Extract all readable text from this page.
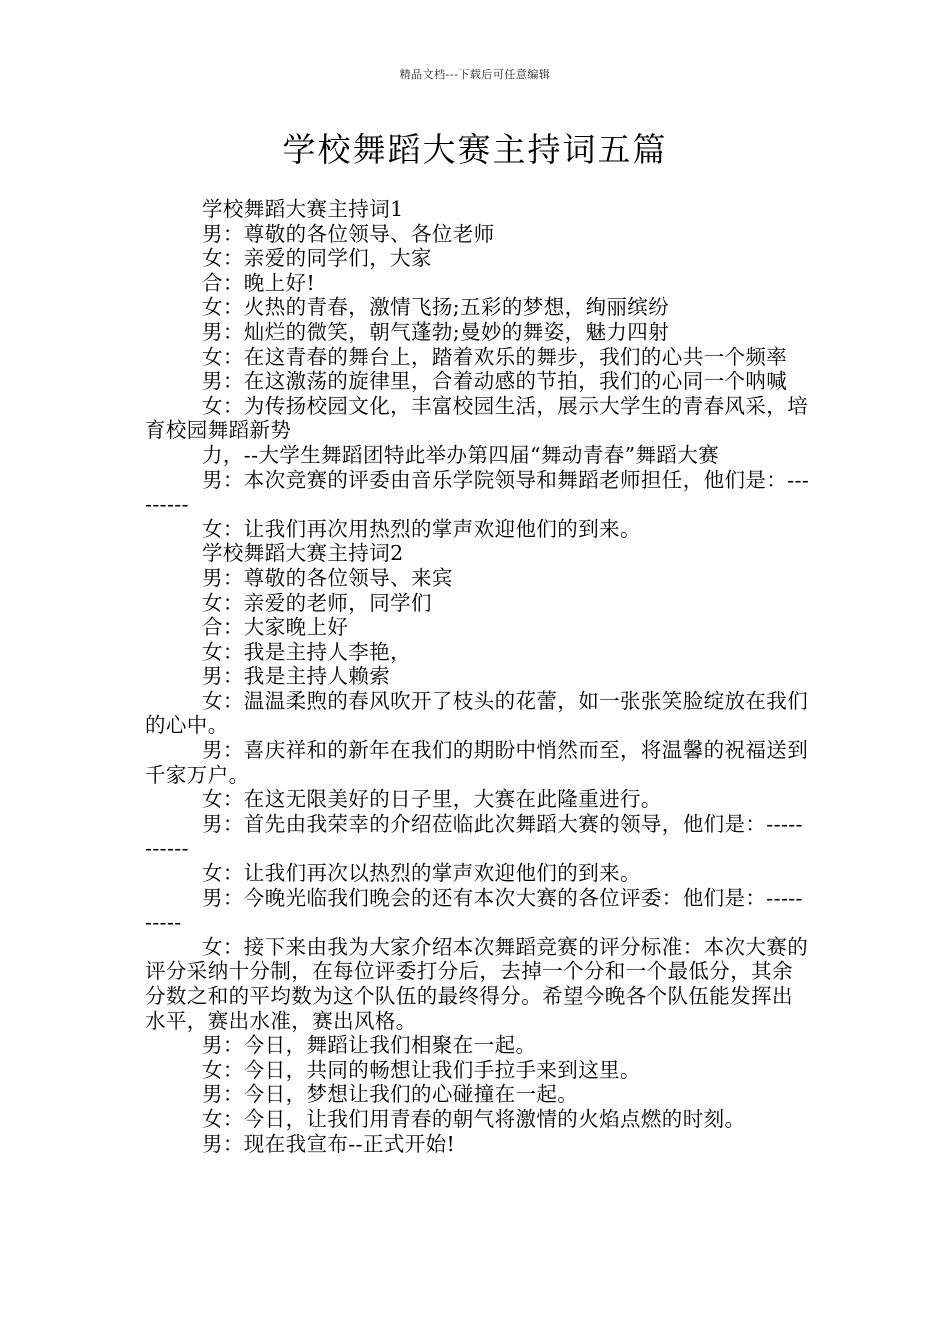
精品文档---下载后可任意编辑
学校舞蹈大赛主持词五篇

学校舞蹈大赛主持词1

男：尊敬的各位领导、各位老师

女：亲爱的同学们，大家

合：晚上好!

女：火热的青春，激情飞扬;五彩的梦想，绚丽缤纷

男：灿烂的微笑，朝气蓬勃;曼妙的舞姿，魅力四射

女：在这青春的舞台上，踏着欢乐的舞步，我们的心共一个频率

男：在这激荡的旋律里，合着动感的节拍，我们的心同一个呐喊

女：为传扬校园文化，丰富校园生活，展示大学生的青春风采，培育校园舞蹈新势

力，--大学生舞蹈团特此举办第四届“舞动青春”舞蹈大赛

男：本次竞赛的评委由音乐学院领导和舞蹈老师担任，他们是：---------

女：让我们再次用热烈的掌声欢迎他们的到来。

学校舞蹈大赛主持词2

男：尊敬的各位领导、来宾

女：亲爱的老师，同学们

合：大家晚上好

女：我是主持人李艳，

男：我是主持人赖索

女：温温柔煦的春风吹开了枝头的花蕾，如一张张笑脸绽放在我们的心中。

男：喜庆祥和的新年在我们的期盼中悄然而至，将温馨的祝福送到千家万户。

女：在这无限美好的日子里，大赛在此隆重进行。

男：首先由我荣幸的介绍莅临此次舞蹈大赛的领导，他们是：-----------

女：让我们再次以热烈的掌声欢迎他们的到来。

男：今晚光临我们晚会的还有本次大赛的各位评委：他们是：----------

女：接下来由我为大家介绍本次舞蹈竞赛的评分标准：本次大赛的评分采纳十分制，在每位评委打分后，去掉一个分和一个最低分，其余分数之和的平均数为这个队伍的最终得分。希望今晚各个队伍能发挥出水平，赛出水准，赛出风格。

男：今日，舞蹈让我们相聚在一起。

女：今日，共同的畅想让我们手拉手来到这里。

男：今日，梦想让我们的心碰撞在一起。

女：今日，让我们用青春的朝气将激情的火焰点燃的时刻。

男：现在我宣布--正式开始!
